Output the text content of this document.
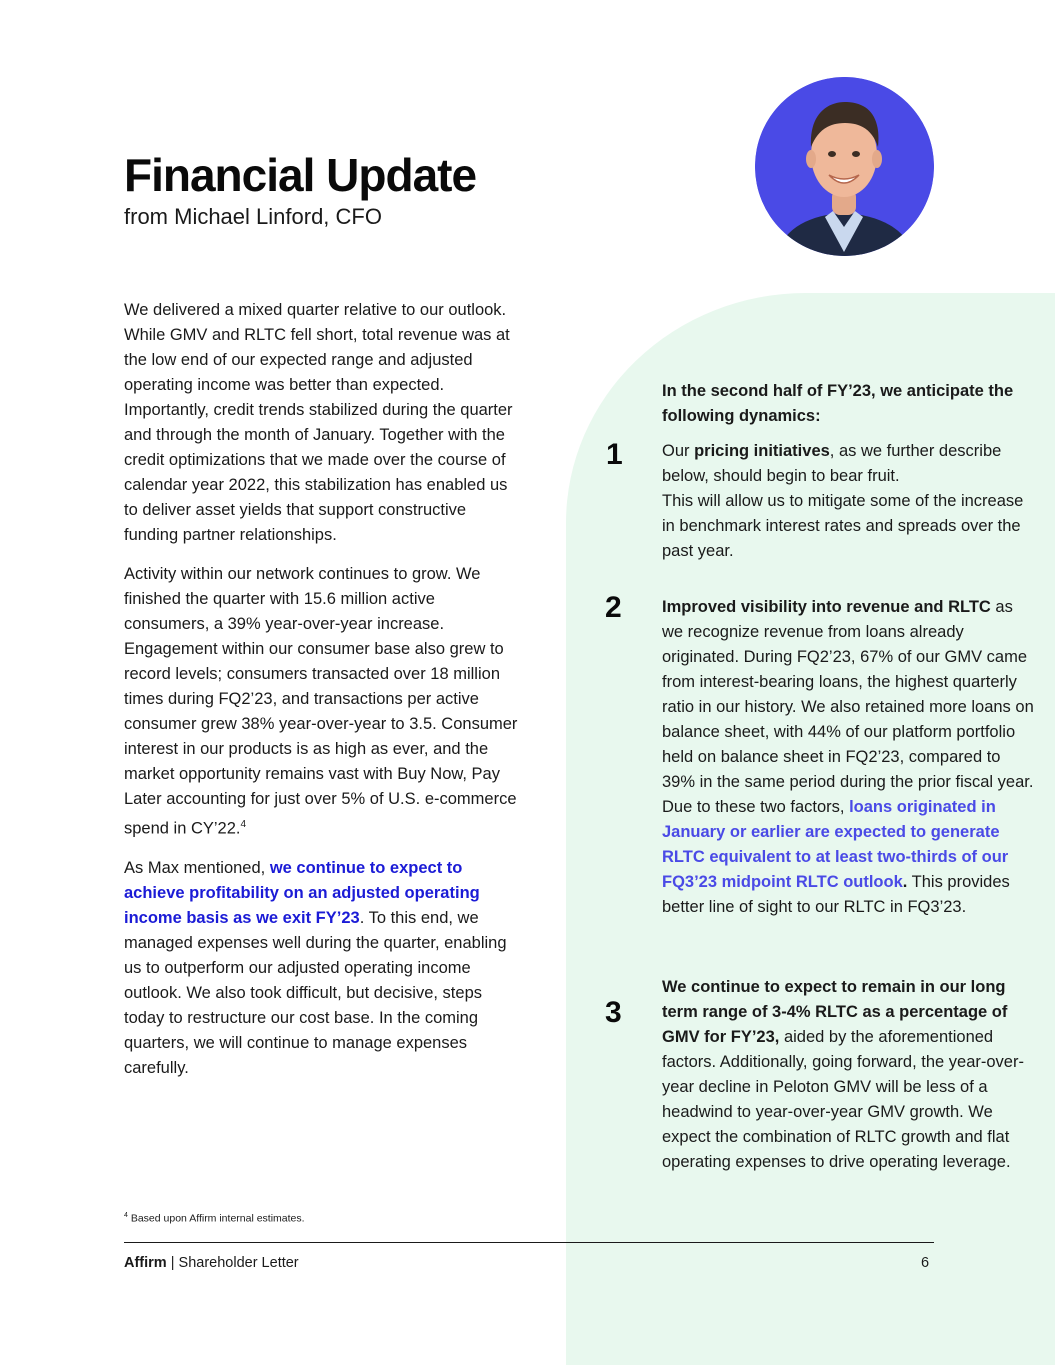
Financial Update
from Michael Linford, CFO

We delivered a mixed quarter relative to our outlook. While GMV and RLTC fell short, total revenue was at the low end of our expected range and adjusted operating income was better than expected. Importantly, credit trends stabilized during the quarter and through the month of January. Together with the credit optimizations that we made over the course of calendar year 2022, this stabilization has enabled us to deliver asset yields that support constructive funding partner relationships.

Activity within our network continues to grow. We finished the quarter with 15.6 million active consumers, a 39% year-over-year increase. Engagement within our consumer base also grew to record levels; consumers transacted over 18 million times during FQ2’23, and transactions per active consumer grew 38% year-over-year to 3.5. Consumer interest in our products is as high as ever, and the market opportunity remains vast with Buy Now, Pay Later accounting for just over 5% of U.S. e-commerce spend in CY’22.$^4$

As Max mentioned, we continue to expect to achieve profitability on an adjusted operating income basis as we exit FY’23. To this end, we managed expenses well during the quarter, enabling us to outperform our adjusted operating income outlook. We also took difficult, but decisive, steps today to restructure our cost base. In the coming quarters, we will continue to manage expenses carefully.

In the second half of FY’23, we anticipate the following dynamics:

1 Our pricing initiatives, as we further describe below, should begin to bear fruit.

This will allow us to mitigate some of the increase in benchmark interest rates and spreads over the past year.

2 Improved visibility into revenue and RLTC as we recognize revenue from loans already originated. During FQ2’23, 67% of our GMV came from interest-bearing loans, the highest quarterly ratio in our history. We also retained more loans on balance sheet, with 44% of our platform portfolio held on balance sheet in FQ2’23, compared to 39% in the same period during the prior fiscal year. Due to these two factors, loans originated in January or earlier are expected to generate RLTC equivalent to at least two-thirds of our FQ3’23 midpoint RLTC outlook. This provides better line of sight to our RLTC in FQ3’23.

3

We continue to expect to remain in our long term range of 3-4% RLTC as a percentage of GMV for FY’23, aided by the aforementioned factors. Additionally, going forward, the year-over-year decline in Peloton GMV will be less of a headwind to year-over-year GMV growth. We expect the combination of RLTC growth and flat operating expenses to drive operating leverage.

$^4$ Based upon Affirm internal estimates.
Affirm | Shareholder Letter	6
